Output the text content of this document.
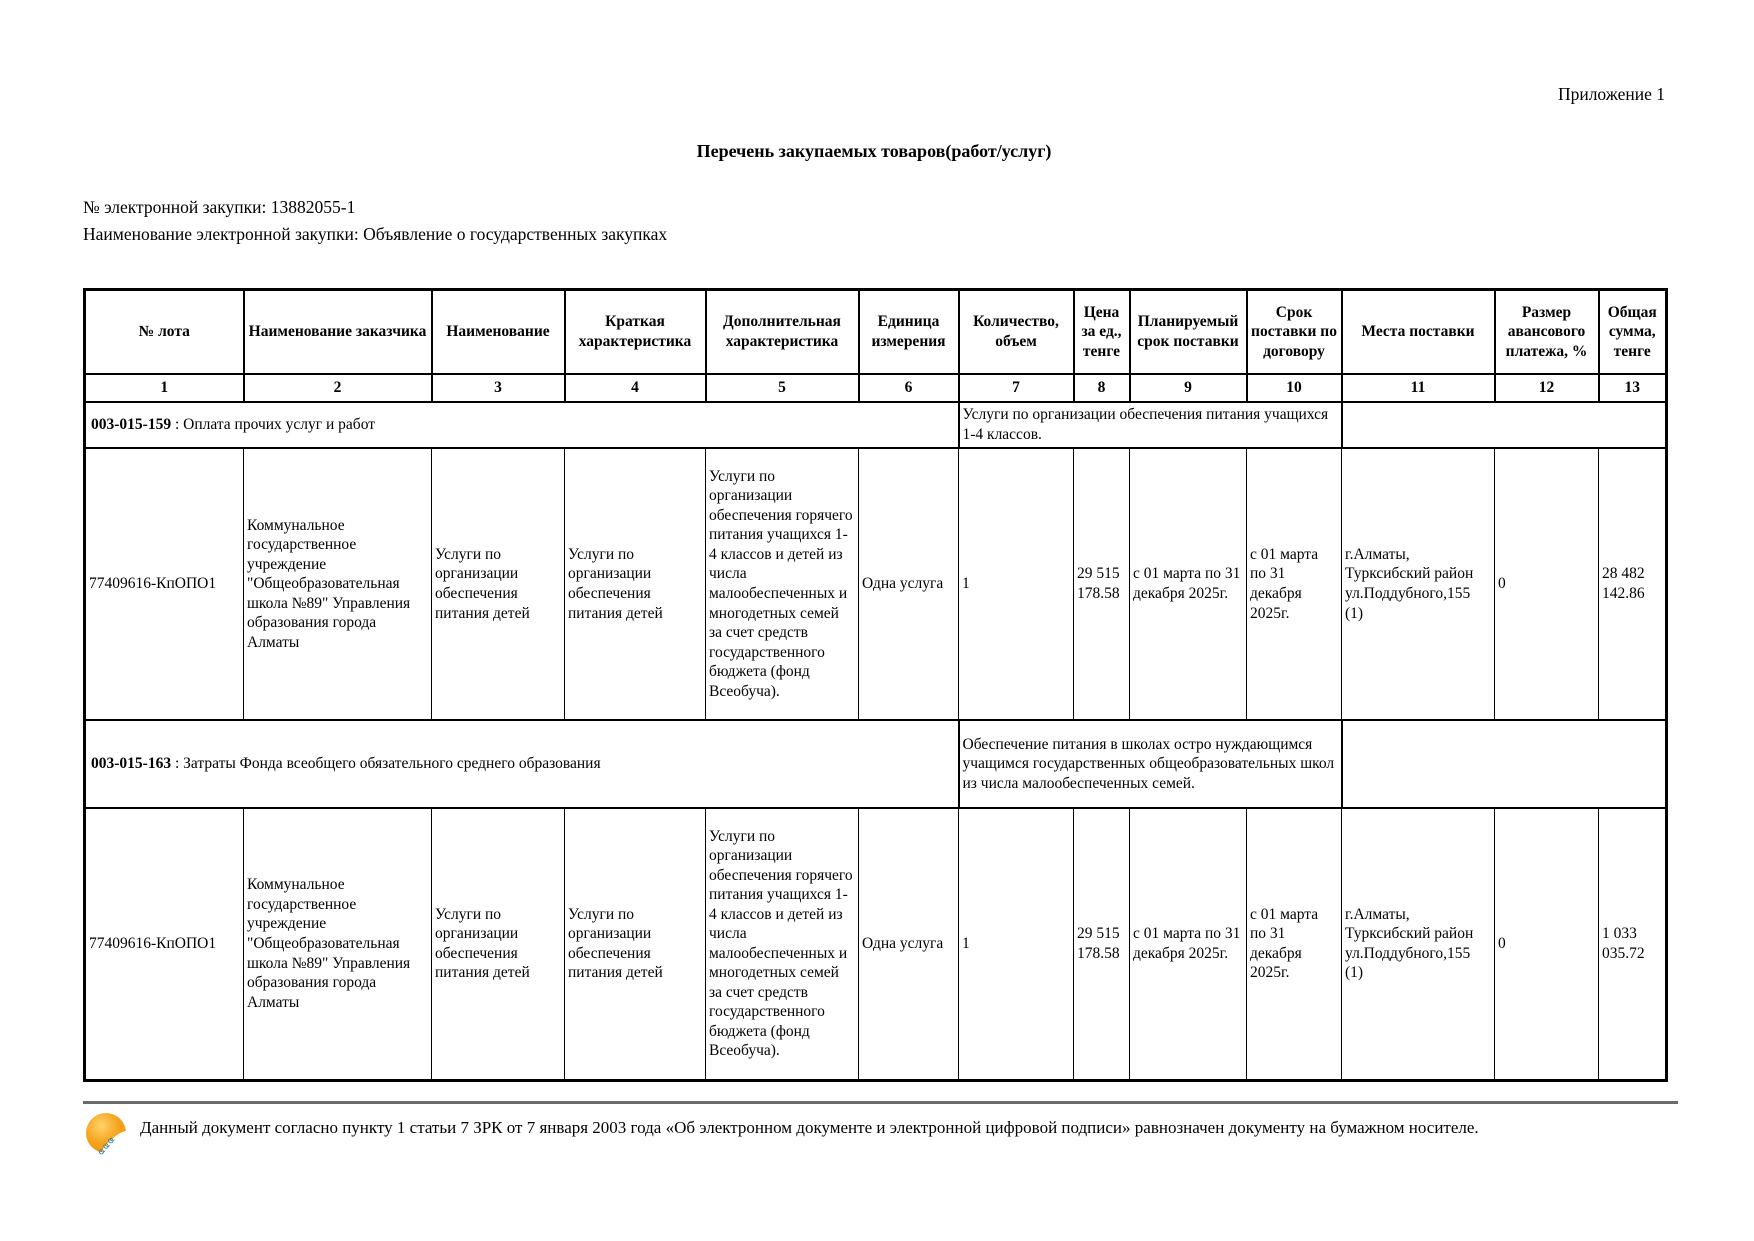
Приложение 1
Перечень закупаемых товаров(работ/услуг)
№ электронной закупки: 13882055-1
Наименование электронной закупки: Объявление о государственных закупках
№ лота	Наименование заказчика	Наименование	Краткая характеристика	Дополнительная характеристика	Единица измерения	Количество, объем	Цена за ед., тенге	Планируемый срок поставки	Срок поставки по договору	Места поставки	Размер авансового платежа, %	Общая сумма, тенге
1	2	3	4	5	6	7	8	9	10	11	12	13
003-015-159 : Оплата прочих услуг и работ						Услуги по организации обеспечения питания учащихся 1-4 классов.						
77409616-КпОПО1	Коммунальное государственное учреждение "Общеобразовательная школа №89" Управления образования города Алматы	Услуги по организации обеспечения питания детей	Услуги по организации обеспечения питания детей	Услуги по организации обеспечения горячего питания учащихся 1-4 классов и детей из числа малообеспеченных и многодетных семей за счет средств государственного бюджета (фонд Всеобуча).	Одна услуга	1	29 515 178.58	с 01 марта по 31 декабря 2025г.	с 01 марта по 31 декабря 2025г.	г.Алматы, Турксибский район ул.Поддубного,155 (1)	0	28 482 142.86
003-015-163 : Затраты Фонда всеобщего обязательного среднего образования						Обеспечение питания в школах остро нуждающимся учащимся государственных общеобразовательных школ из числа малообеспеченных семей.						
77409616-КпОПО1	Коммунальное государственное учреждение "Общеобразовательная школа №89" Управления образования города Алматы	Услуги по организации обеспечения питания детей	Услуги по организации обеспечения питания детей	Услуги по организации обеспечения горячего питания учащихся 1-4 классов и детей из числа малообеспеченных и многодетных семей за счет средств государственного бюджета (фонд Всеобуча).	Одна услуга	1	29 515 178.58	с 01 марта по 31 декабря 2025г.	с 01 марта по 31 декабря 2025г.	г.Алматы, Турксибский район ул.Поддубного,155 (1)	0	1 033 035.72
ҩҩҩ
Данный документ согласно пункту 1 статьи 7 ЗРК от 7 января 2003 года «Об электронном документе и электронной цифровой подписи» равнозначен документу на бумажном носителе.
